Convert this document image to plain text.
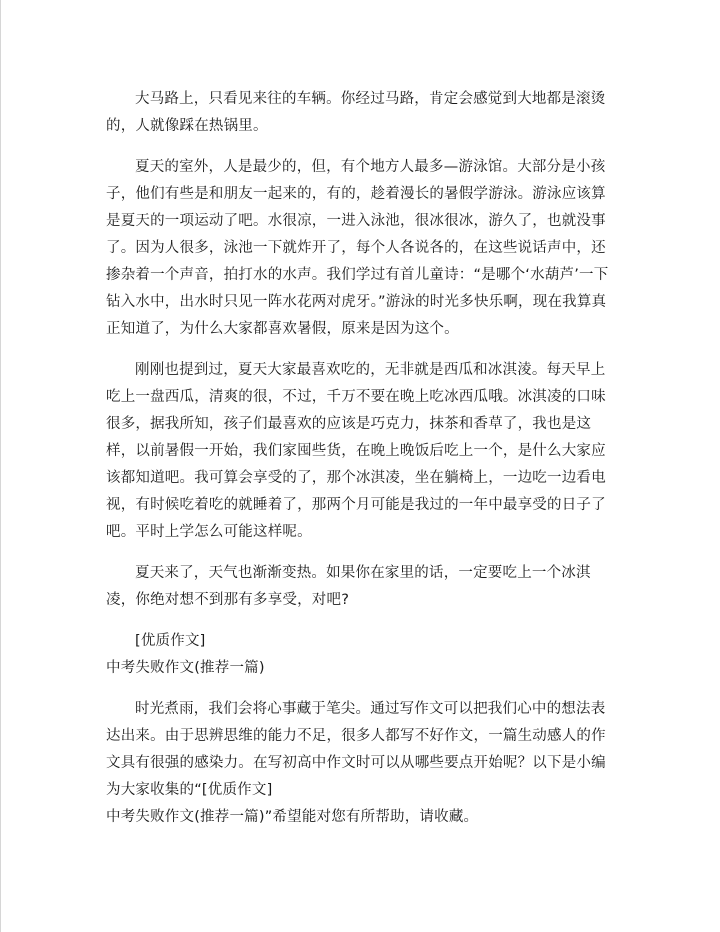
大马路上，只看见来往的车辆。你经过马路，肯定会感觉到大地都是滚烫的，人就像踩在热锅里。

夏天的室外，人是最少的，但，有个地方人最多—游泳馆。大部分是小孩子，他们有些是和朋友一起来的，有的，趁着漫长的暑假学游泳。游泳应该算是夏天的一项运动了吧。水很凉，一进入泳池，很冰很冰，游久了，也就没事了。因为人很多，泳池一下就炸开了，每个人各说各的，在这些说话声中，还掺杂着一个声音，拍打水的水声。我们学过有首儿童诗：“是哪个‘水葫芦’一下钻入水中，出水时只见一阵水花两对虎牙。”游泳的时光多快乐啊，现在我算真正知道了，为什么大家都喜欢暑假，原来是因为这个。

刚刚也提到过，夏天大家最喜欢吃的，无非就是西瓜和冰淇淩。每天早上吃上一盘西瓜，清爽的很，不过，千万不要在晚上吃冰西瓜哦。冰淇凌的口味很多，据我所知，孩子们最喜欢的应该是巧克力，抹茶和香草了，我也是这样，以前暑假一开始，我们家囤些货，在晚上晚饭后吃上一个，是什么大家应该都知道吧。我可算会享受的了，那个冰淇凌，坐在躺椅上，一边吃一边看电视，有时候吃着吃的就睡着了，那两个月可能是我过的一年中最享受的日子了吧。平时上学怎么可能这样呢。

夏天来了，天气也渐渐变热。如果你在家里的话，一定要吃上一个冰淇凌，你绝对想不到那有多享受，对吧?

[优质作文]

中考失败作文(推荐一篇)

时光煮雨，我们会将心事藏于笔尖。通过写作文可以把我们心中的想法表达出来。由于思辨思维的能力不足，很多人都写不好作文，一篇生动感人的作文具有很强的感染力。在写初高中作文时可以从哪些要点开始呢？以下是小编为大家收集的“[优质作文]

中考失败作文(推荐一篇)”希望能对您有所帮助，请收藏。
